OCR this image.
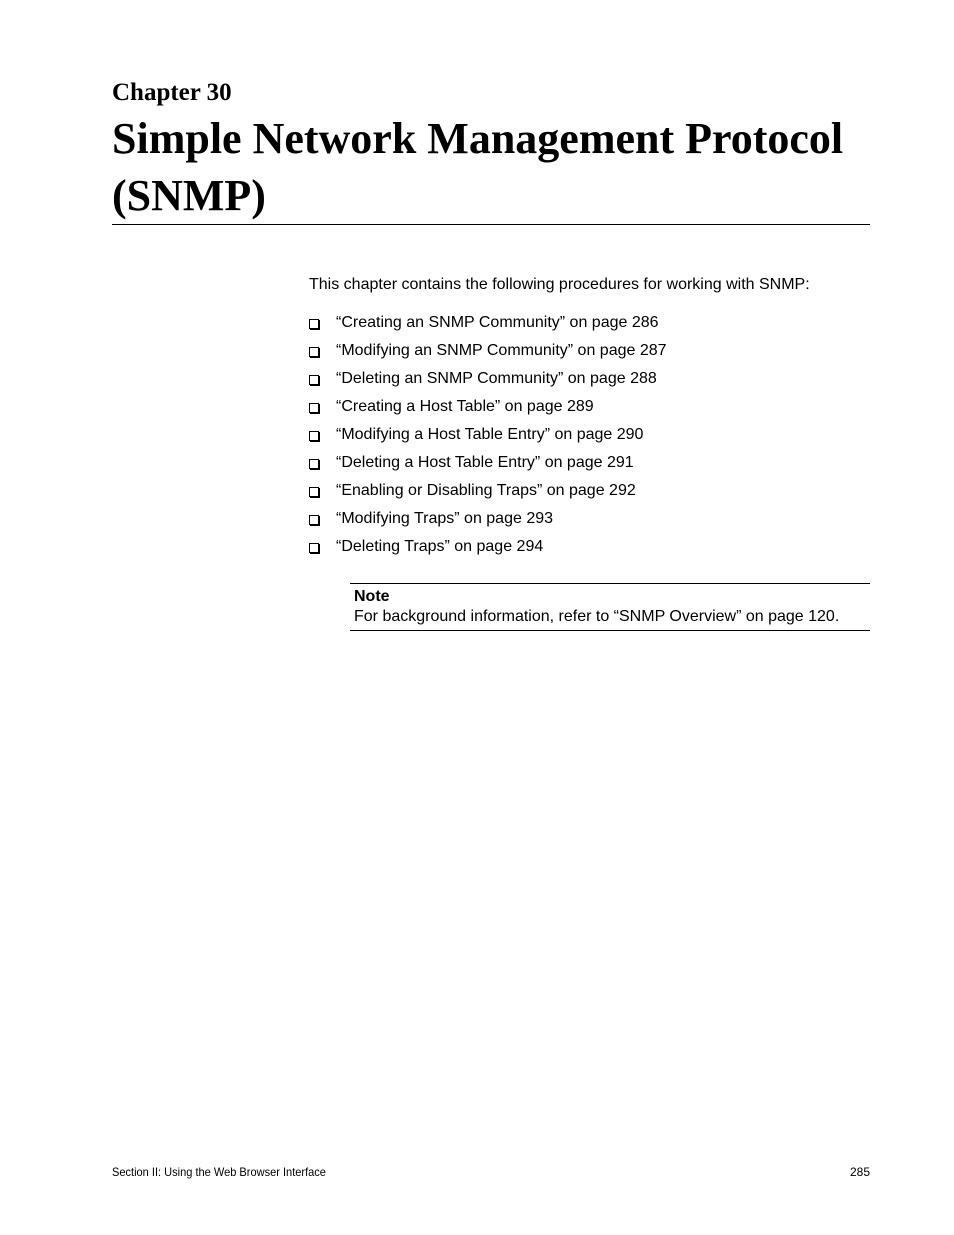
Chapter 30
Simple Network Management Protocol (SNMP)

This chapter contains the following procedures for working with SNMP:

“Creating an SNMP Community” on page 286
“Modifying an SNMP Community” on page 287
“Deleting an SNMP Community” on page 288
“Creating a Host Table” on page 289
“Modifying a Host Table Entry” on page 290
“Deleting a Host Table Entry” on page 291
“Enabling or Disabling Traps” on page 292
“Modifying Traps” on page 293
“Deleting Traps” on page 294
Note
For background information, refer to “SNMP Overview” on page 120.
Section II: Using the Web Browser Interface	285
